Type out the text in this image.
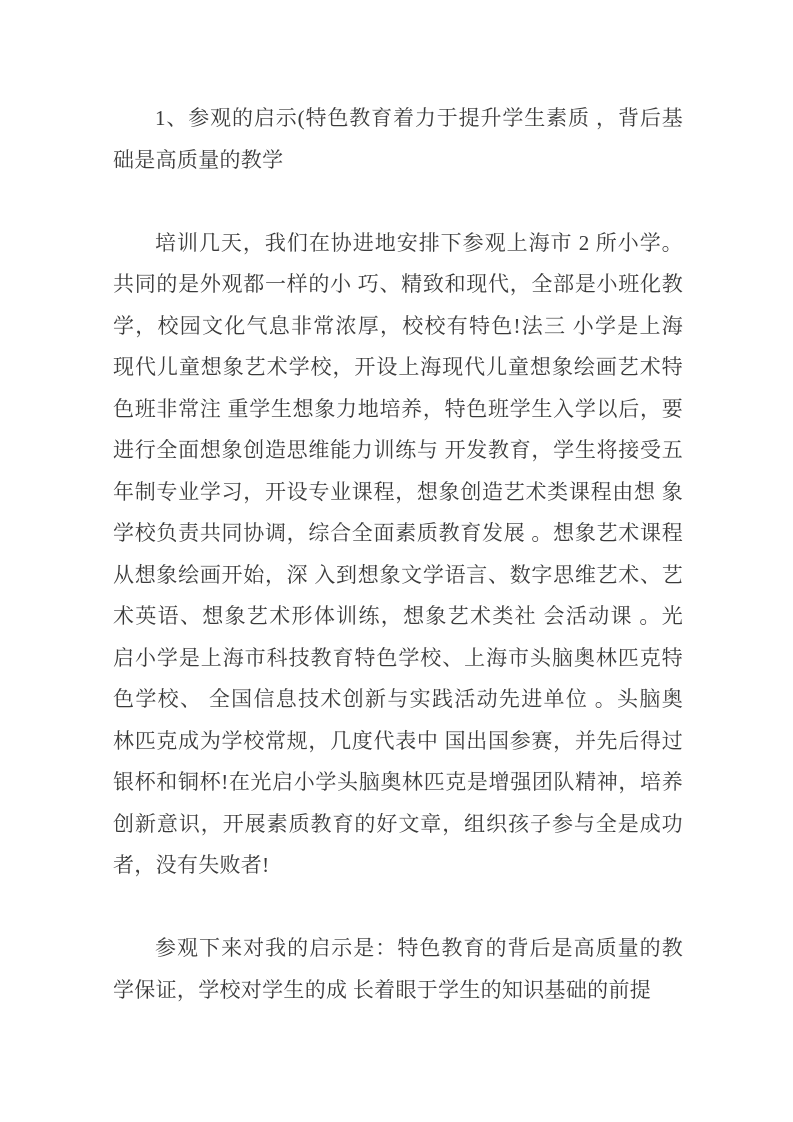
1、参观的启示(特色教育着力于提升学生素质 ，背后基
础是高质量的教学
培训几天，我们在协进地安排下参观上海市 2 所小学。
共同的是外观都一样的小 巧、精致和现代，全部是小班化教
学，校园文化气息非常浓厚，校校有特色!法三 小学是上海
现代儿童想象艺术学校，开设上海现代儿童想象绘画艺术特
色班非常注 重学生想象力地培养，特色班学生入学以后，要
进行全面想象创造思维能力训练与 开发教育，学生将接受五
年制专业学习，开设专业课程，想象创造艺术类课程由想 象
学校负责共同协调，综合全面素质教育发展 。想象艺术课程
从想象绘画开始，深 入到想象文学语言、数字思维艺术、艺
术英语、想象艺术形体训练，想象艺术类社 会活动课 。光
启小学是上海市科技教育特色学校、上海市头脑奥林匹克特
色学校、 全国信息技术创新与实践活动先进单位 。头脑奥
林匹克成为学校常规，几度代表中 国出国参赛，并先后得过
银杯和铜杯!在光启小学头脑奥林匹克是增强团队精神，培养
创新意识，开展素质教育的好文章，组织孩子参与全是成功
者，没有失败者!
参观下来对我的启示是：特色教育的背后是高质量的教
学保证，学校对学生的成 长着眼于学生的知识基础的前提
